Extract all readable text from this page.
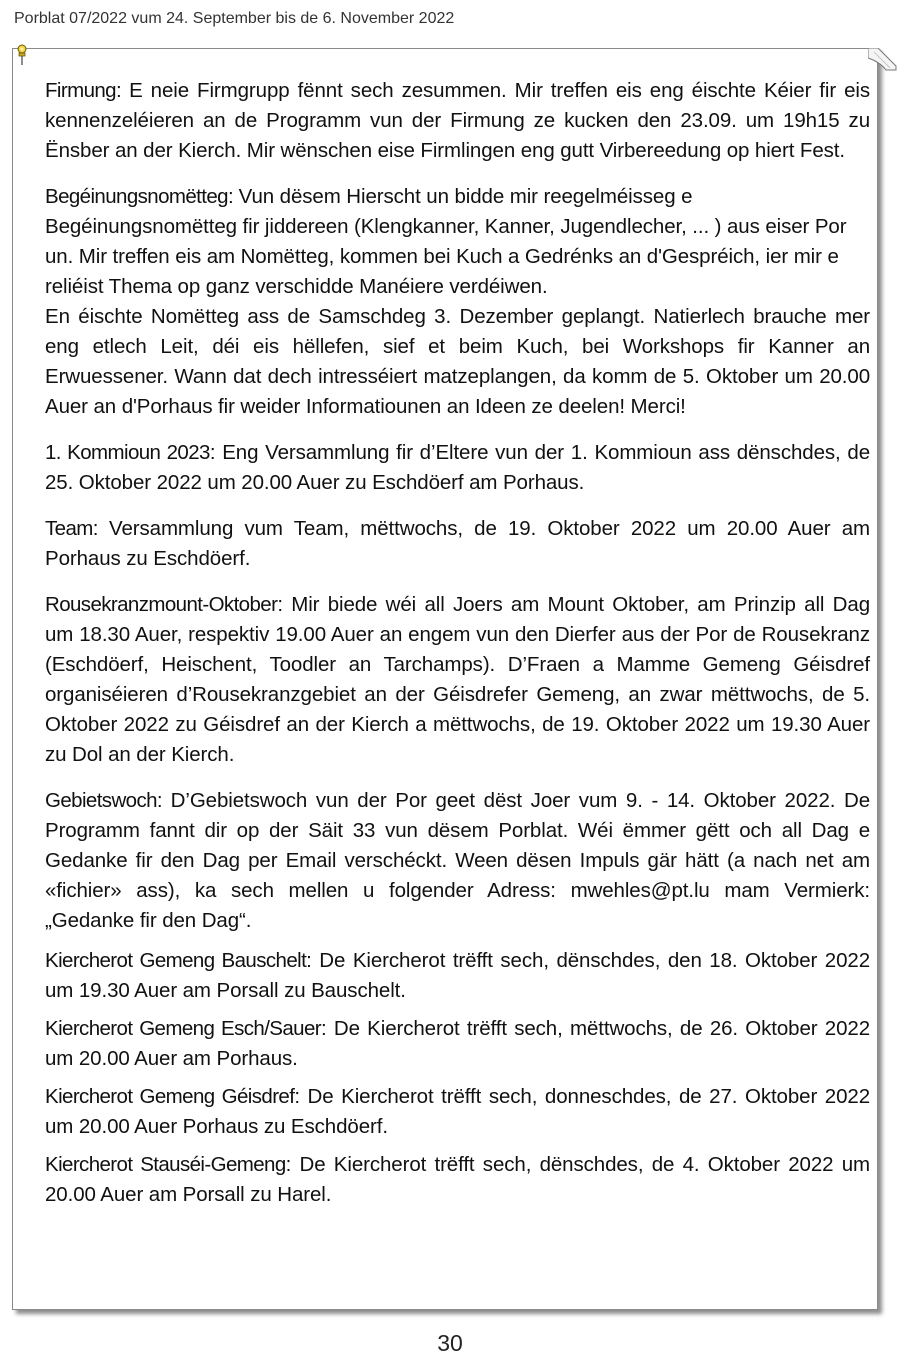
Porblat 07/2022 vum 24. September bis de 6. November 2022

Firmung: E neie Firmgrupp fënnt sech zesummen. Mir treffen eis eng éischte Kéier fir eis kennenzeléieren an de Programm vun der Firmung ze kucken den 23.09. um 19h15 zu Ënsber an der Kierch. Mir wënschen eise Firmlingen eng gutt Virbereedung op hiert Fest.

Begéinungsnomëtteg: Vun dësem Hierscht un bidde mir reegelméisseg e Begéinungsnomëtteg fir jiddereen (Klengkanner, Kanner, Jugendlecher, ... ) aus eiser Por un. Mir treffen eis am Nomëtteg, kommen bei Kuch a Gedrénks an d'Gespréich, ier mir e reliéist Thema op ganz verschidde Manéiere verdéiwen.

En éischte Nomëtteg ass de Samschdeg 3. Dezember geplangt. Natierlech brauche mer eng etlech Leit, déi eis hëllefen, sief et beim Kuch, bei Workshops fir Kanner an Erwuessener. Wann dat dech intresséiert matzeplangen, da komm de 5. Oktober um 20.00 Auer an d'Porhaus fir weider Informatiounen an Ideen ze deelen! Merci!

1. Kommioun 2023: Eng Versammlung fir d’Eltere vun der 1. Kommioun ass dënschdes, de 25. Oktober 2022 um 20.00 Auer zu Eschdöerf am Porhaus.

Team: Versammlung vum Team, mëttwochs, de 19. Oktober 2022 um 20.00 Auer am Porhaus zu Eschdöerf.

Rousekranzmount-Oktober: Mir biede wéi all Joers am Mount Oktober, am Prinzip all Dag um 18.30 Auer, respektiv 19.00 Auer an engem vun den Dierfer aus der Por de Rousekranz (Eschdöerf, Heischent, Toodler an Tarchamps). D’Fraen a Mamme Gemeng Géisdref organiséieren d’Rousekranzgebiet an der Géisdrefer Gemeng, an zwar mëttwochs, de 5. Oktober 2022 zu Géisdref an der Kierch a mëttwochs, de 19. Oktober 2022 um 19.30 Auer zu Dol an der Kierch.

Gebietswoch: D’Gebietswoch vun der Por geet dëst Joer vum 9. - 14. Oktober 2022. De Programm fannt dir op der Säit 33 vun dësem Porblat. Wéi ëmmer gëtt och all Dag e Gedanke fir den Dag per Email verschéckt. Ween dësen Impuls gär hätt (a nach net am «fichier» ass), ka sech mellen u folgender Adress: mwehles@pt.lu mam Vermierk: „Gedanke fir den Dag“.

Kiercherot Gemeng Bauschelt: De Kiercherot trëfft sech, dënschdes, den 18. Oktober 2022 um 19.30 Auer am Porsall zu Bauschelt.

Kiercherot Gemeng Esch/Sauer: De Kiercherot trëfft sech, mëttwochs, de 26. Oktober 2022 um 20.00 Auer am Porhaus.

Kiercherot Gemeng Géisdref: De Kiercherot trëfft sech, donneschdes, de 27. Oktober 2022 um 20.00 Auer Porhaus zu Eschdöerf.

Kiercherot Stauséi-Gemeng: De Kiercherot trëfft sech, dënschdes, de 4. Oktober 2022 um 20.00 Auer am Porsall zu Harel.

30
